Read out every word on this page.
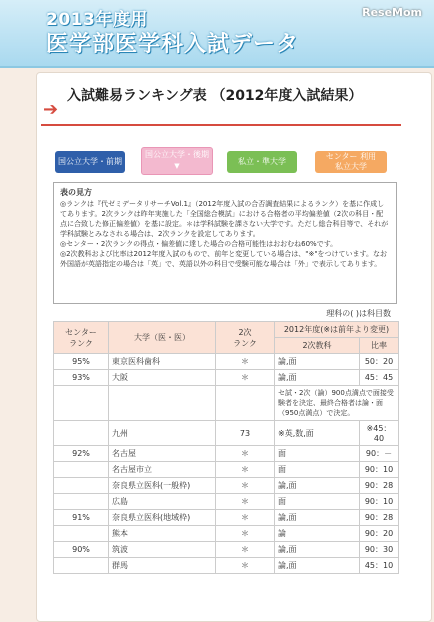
2013年度用
医学部医学科入試データ
ReseMom
➔
入試難易ランキング表 （2012年度入試結果）
国公立大学・前期
国公立大学・後期
▼	私立・準大学
センター 利用
私立大学
表の見方

◎ランクは『代ゼミデータリサーチVol.1』（2012年度入試の合否調査結果によるランク）を基に作成してあります。2次ランクは昨年実施した「全国総合模試」における合格者の平均偏差値（2次の科目・配点に合致した修正偏差値）を基に設定。＊は学科試験を課さない大学です。ただし総合科目等で、それが学科試験とみなされる場合は、2次ランクを設定してあります。

◎センター・2次ランクの得点・偏差値に達した場合の合格可能性はおおむね60%です。

◎2次教科および比率は2012年度入試のもので、前年と変更している場合は、"※"をつけています。なお外国語が英語指定の場合は「英」で、英語以外の科目で受験可能な場合は「外」で表示してあります。

理科の( )は科目数
センター
ランク	大学（医・医）	2次
ランク	2012年度(※は前年より変更)	
			2次教科	比率
95%	東京医科歯科	＊	論,面	50：20
93%	大阪	＊	論,面	45：45
			セ試・2次（論）900点満点で面接受験者を決定、最終合格者は論・面（950点満点）で決定。	
	九州	73	※英,数,面	※45：40
92%	名古屋	＊	面	90：－
	名古屋市立	＊	面	90：10
	奈良県立医科(一般枠)	＊	論,面	90：28
	広島	＊	面	90：10
91%	奈良県立医科(地域枠)	＊	論,面	90：28
	熊本	＊	論	90：20
90%	筑波	＊	論,面	90：30
	群馬	＊	論,面	45：10
